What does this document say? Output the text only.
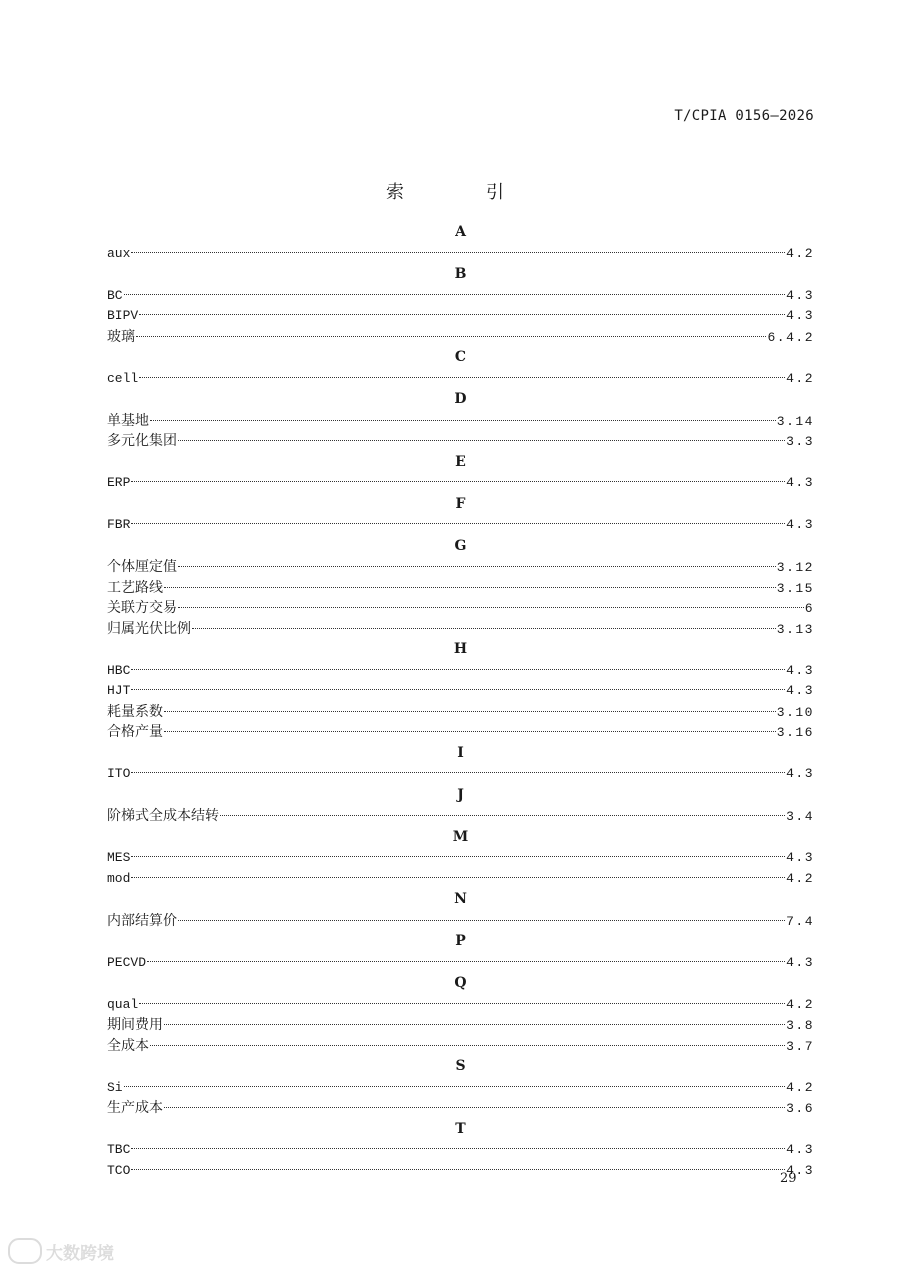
T/CPIA 0156—2026
索　引
A
aux	4.2
B
BC	4.3
BIPV	4.3
玻璃	6.4.2
C
cell	4.2
D
单基地	3.14
多元化集团	3.3
E
ERP	4.3
F
FBR	4.3
G
个体厘定值	3.12
工艺路线	3.15
关联方交易	6
归属光伏比例	3.13
H
HBC	4.3
HJT	4.3
耗量系数	3.10
合格产量	3.16
I
ITO	4.3
J
阶梯式全成本结转	3.4
M
MES	4.3
mod	4.2
N
内部结算价	7.4
P
PECVD	4.3
Q
qual	4.2
期间费用	3.8
全成本	3.7
S
Si	4.2
生产成本	3.6
T
TBC	4.3
TCO	4.3
29
大数跨境
